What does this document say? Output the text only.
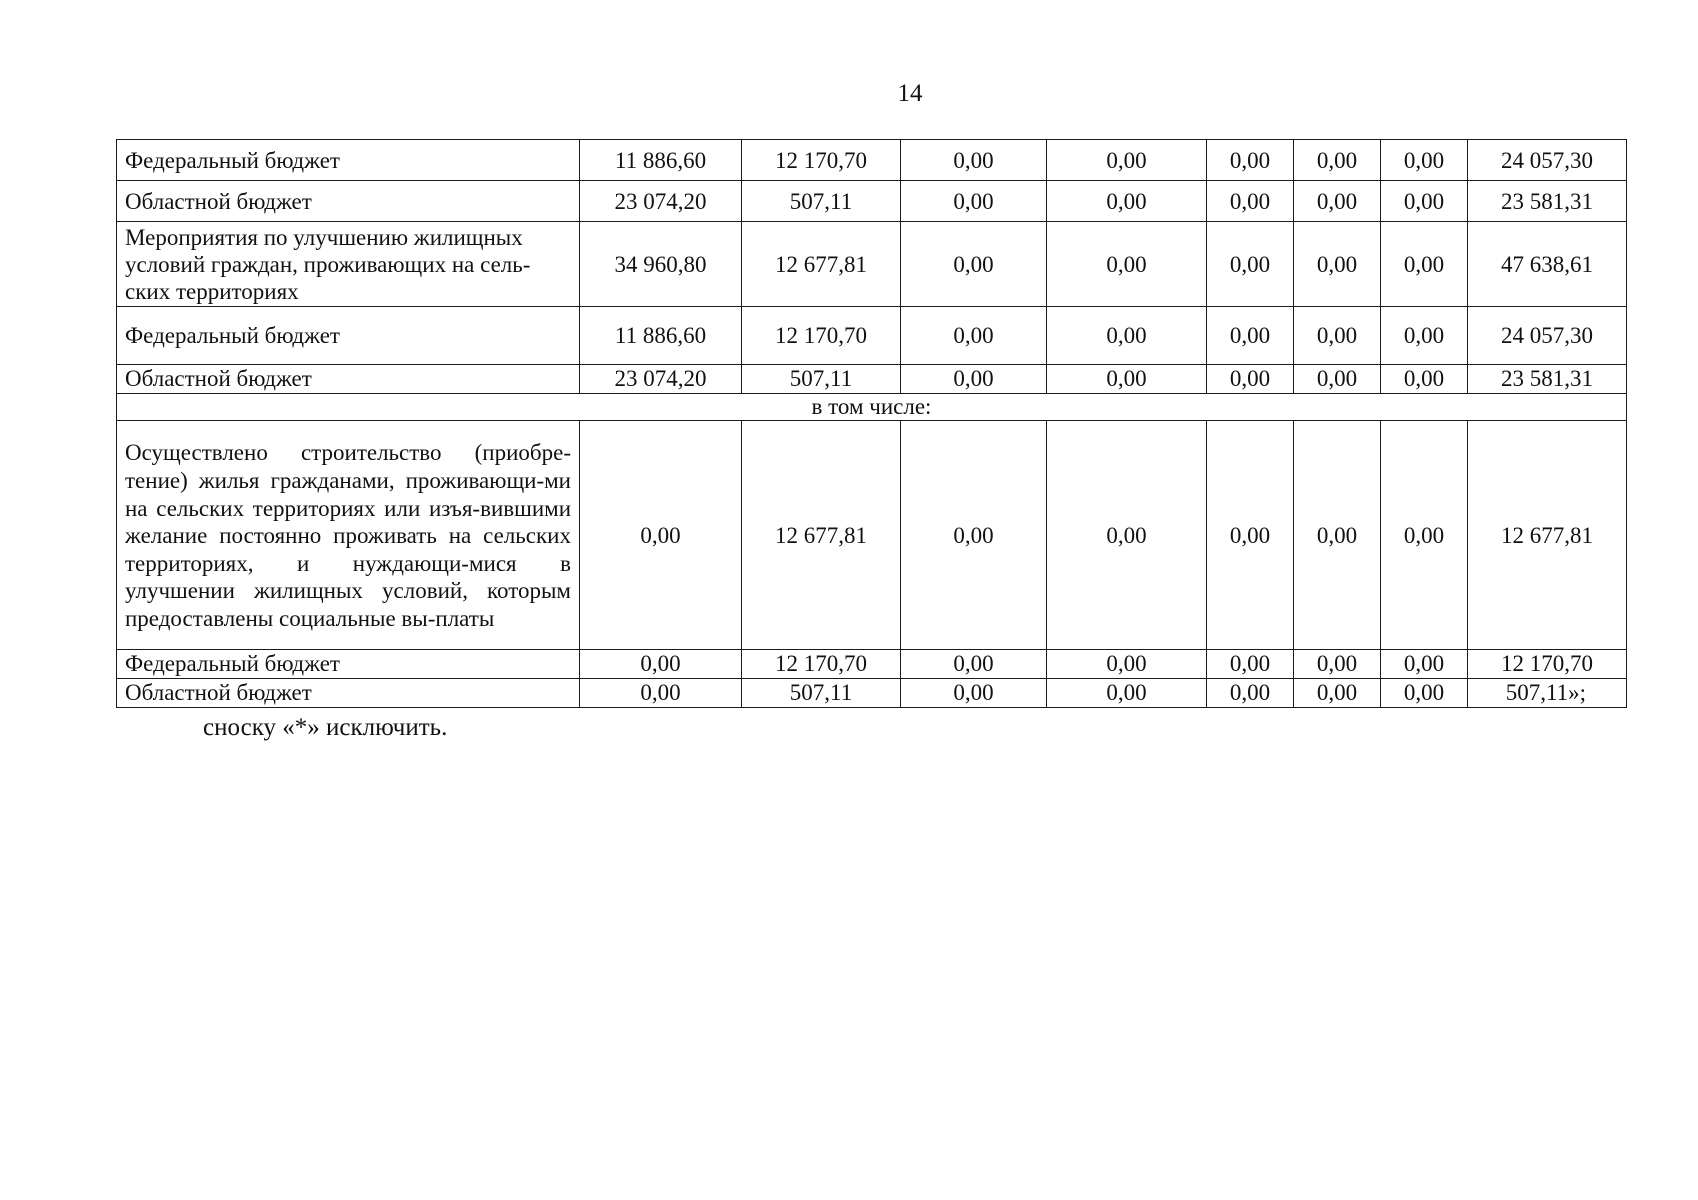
14
Федеральный бюджет	11 886,60	12 170,70	0,00	0,00	0,00	0,00	0,00	24 057,30
Областной бюджет	23 074,20	507,11	0,00	0,00	0,00	0,00	0,00	23 581,31
Мероприятия по улучшению жилищных условий граждан, проживающих на сель-ских территориях	34 960,80	12 677,81	0,00	0,00	0,00	0,00	0,00	47 638,61
Федеральный бюджет	11 886,60	12 170,70	0,00	0,00	0,00	0,00	0,00	24 057,30
Областной бюджет	23 074,20	507,11	0,00	0,00	0,00	0,00	0,00	23 581,31
в том числе:								
Осуществлено строительство (приобре-тение) жилья гражданами, проживающи-ми на сельских территориях или изъя-вившими желание постоянно проживать на сельских территориях, и нуждающи-мися в улучшении жилищных условий, которым предоставлены социальные вы-платы	0,00	12 677,81	0,00	0,00	0,00	0,00	0,00	12 677,81
Федеральный бюджет	0,00	12 170,70	0,00	0,00	0,00	0,00	0,00	12 170,70
Областной бюджет	0,00	507,11	0,00	0,00	0,00	0,00	0,00	507,11»;
сноску «*» исключить.
